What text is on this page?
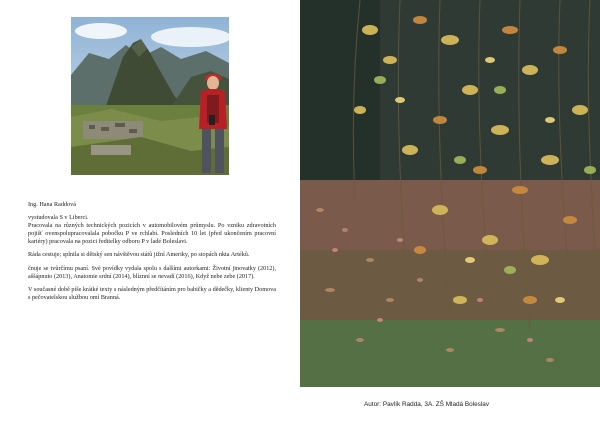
Ing. Hana Raddová

vystudovala S v Liberci.
Pracovala na různých technických pozicích v automobilovém průmyslu. Po vzniku zdravotních pojišť ovenspolupracovalala pobočku P ve rchlabí. Posledních 10 let (před ukončením pracovní kariéry) pracovala na pozici ředitelky odboru P v ladé Boleslavi.

Ráda cestuje; splnila si dětský sen návštěvou států jižní Ameriky, po stopách nkta Artéků.

čnuje se tvůrčímu psaní. Své povídky vydala spolu s dalšími autorkami: Životní jinovatky (2012), aššápnuto (2013), Anatomie srdní (2014), blíznní se nevadí (2016), Když nebe zebe (2017).

V současné době píše krátké texty s následným předčítáním pro babičky a dědečky, klienty Domova s pečovatelskou službou omí Branná.

Autor: Pavlík Radda, 3A. ZŠ Mladá Boleslav
